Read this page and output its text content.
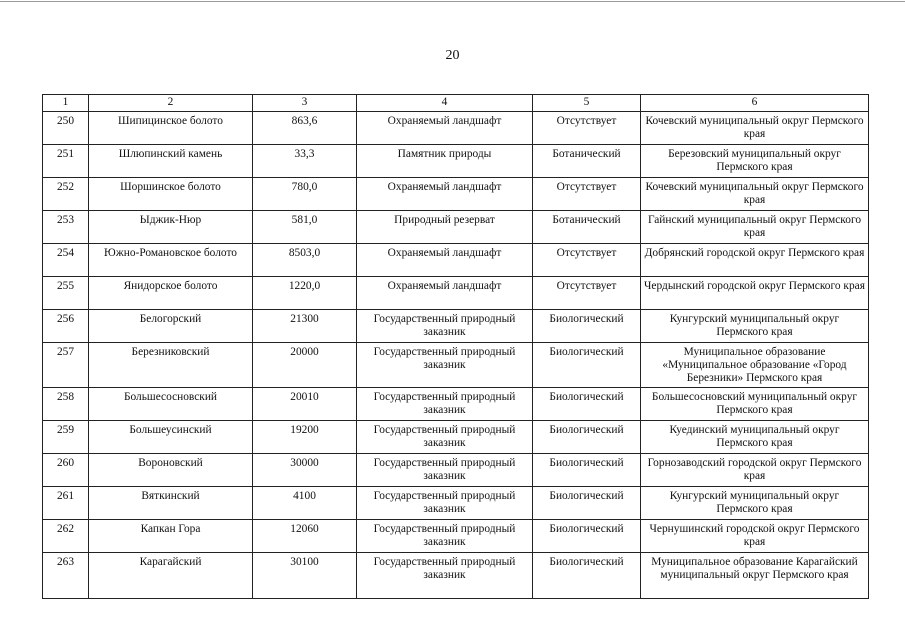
20
1	2	3	4	5	6
250	Шипицинское болото	863,6	Охраняемый ландшафт	Отсутствует	Кочевский муниципальный округ Пермского края
251	Шлюпинский камень	33,3	Памятник природы	Ботанический	Березовский муниципальный округ Пермского края
252	Шоршинское болото	780,0	Охраняемый ландшафт	Отсутствует	Кочевский муниципальный округ Пермского края
253	Ыджик-Нюр	581,0	Природный резерват	Ботанический	Гайнский муниципальный округ Пермского края
254	Южно-Романовское болото	8503,0	Охраняемый ландшафт	Отсутствует	Добрянский городской округ Пермского края
255	Янидорское болото	1220,0	Охраняемый ландшафт	Отсутствует	Чердынский городской округ Пермского края
256	Белогорский	21300	Государственный природный заказник	Биологический	Кунгурский муниципальный округ Пермского края
257	Березниковский	20000	Государственный природный заказник	Биологический	Муниципальное образование «Муниципальное образование «Город Березники» Пермского края
258	Большесосновский	20010	Государственный природный заказник	Биологический	Большесосновский муниципальный округ Пермского края
259	Большеусинский	19200	Государственный природный заказник	Биологический	Куединский муниципальный округ Пермского края
260	Вороновский	30000	Государственный природный заказник	Биологический	Горнозаводский городской округ Пермского края
261	Вяткинский	4100	Государственный природный заказник	Биологический	Кунгурский муниципальный округ Пермского края
262	Капкан Гора	12060	Государственный природный заказник	Биологический	Чернушинский городской округ Пермского края
263	Карагайский	30100	Государственный природный заказник	Биологический	Муниципальное образование Карагайский муниципальный округ Пермского края
